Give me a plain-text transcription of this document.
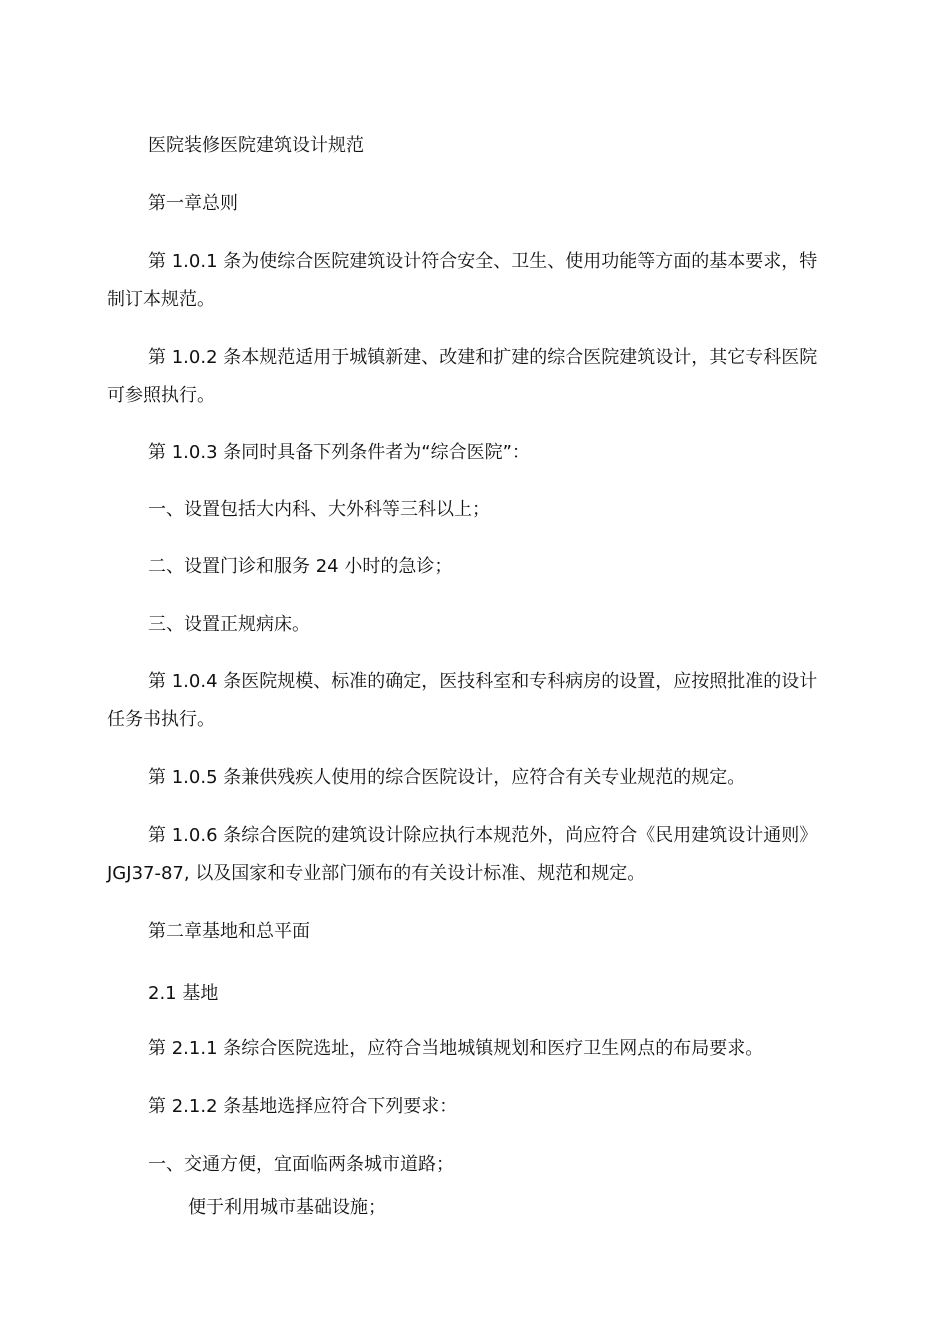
医院装修医院建筑设计规范

第一章总则

第 1.0.1 条为使综合医院建筑设计符合安全、卫生、使用功能等方面的基本要求，特制订本规范。

第 1.0.2 条本规范适用于城镇新建、改建和扩建的综合医院建筑设计，其它专科医院可参照执行。

第 1.0.3 条同时具备下列条件者为“综合医院”：

一、设置包括大内科、大外科等三科以上；

二、设置门诊和服务 24 小时的急诊；

三、设置正规病床。

第 1.0.4 条医院规模、标准的确定，医技科室和专科病房的设置，应按照批准的设计任务书执行。

第 1.0.5 条兼供残疾人使用的综合医院设计，应符合有关专业规范的规定。

第 1.0.6 条综合医院的建筑设计除应执行本规范外，尚应符合《民用建筑设计通则》JGJ37-87, 以及国家和专业部门颁布的有关设计标准、规范和规定。

第二章基地和总平面

2.1 基地

第 2.1.1 条综合医院选址，应符合当地城镇规划和医疗卫生网点的布局要求。

第 2.1.2 条基地选择应符合下列要求：

一、交通方便，宜面临两条城市道路；

便于利用城市基础设施；
